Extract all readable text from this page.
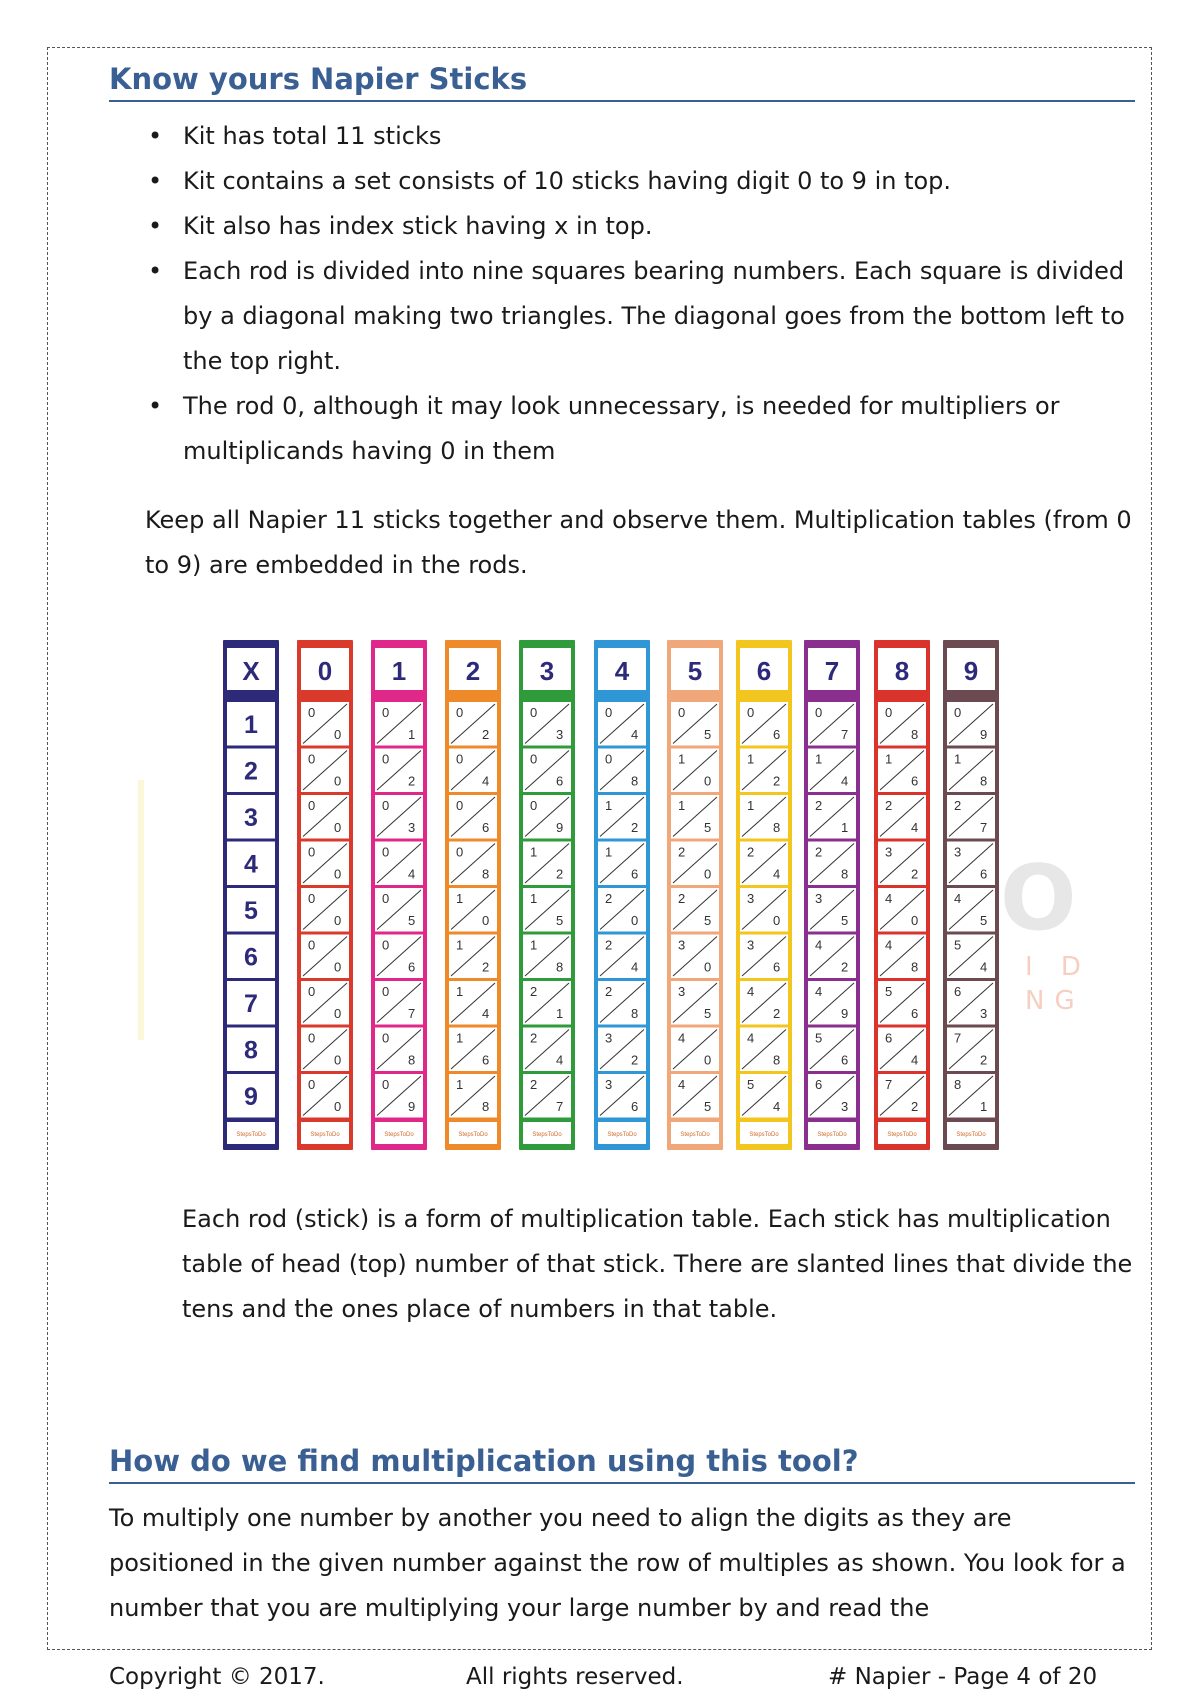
Know yours Napier Sticks
• Kit has total 11 sticks
• Kit contains a set consists of 10 sticks having digit 0 to 9 in top.
• Kit also has index stick having x in top.
• Each rod is divided into nine squares bearing numbers. Each square is divided by a diagonal making two triangles. The diagonal goes from the bottom left to the top right.
• The rod 0, although it may look unnecessary, is needed for multipliers or multiplicands having 0 in them
Keep all Napier 11 sticks together and observe them. Multiplication tables (from 0 to 9) are embedded in the rods.
O
I D
NG
X
1
2
3
4
5
6
7
8
9
StepsToDo
0
0
0
0
0
0
0
0
0
0
0
0
0
0
0
0
0
0
0
StepsToDo
1
0
1
0
2
0
3
0
4
0
5
0
6
0
7
0
8
0
9
StepsToDo
2
0
2
0
4
0
6
0
8
1
0
1
2
1
4
1
6
1
8
StepsToDo
3
0
3
0
6
0
9
1
2
1
5
1
8
2
1
2
4
2
7
StepsToDo
4
0
4
0
8
1
2
1
6
2
0
2
4
2
8
3
2
3
6
StepsToDo
5
0
5
1
0
1
5
2
0
2
5
3
0
3
5
4
0
4
5
StepsToDo
6
0
6
1
2
1
8
2
4
3
0
3
6
4
2
4
8
5
4
StepsToDo
7
0
7
1
4
2
1
2
8
3
5
4
2
4
9
5
6
6
3
StepsToDo
8
0
8
1
6
2
4
3
2
4
0
4
8
5
6
6
4
7
2
StepsToDo
9
0
9
1
8
2
7
3
6
4
5
5
4
6
3
7
2
8
1
StepsToDo
Each rod (stick) is a form of multiplication table. Each stick has multiplication table of head (top) number of that stick. There are slanted lines that divide the tens and the ones place of numbers in that table.
How do we find multiplication using this tool?
To multiply one number by another you need to align the digits as they are positioned in the given number against the row of multiples as shown. You look for a number that you are multiplying your large number by and read the
Copyright © 2017.	All rights reserved.	# Napier - Page 4 of 20
